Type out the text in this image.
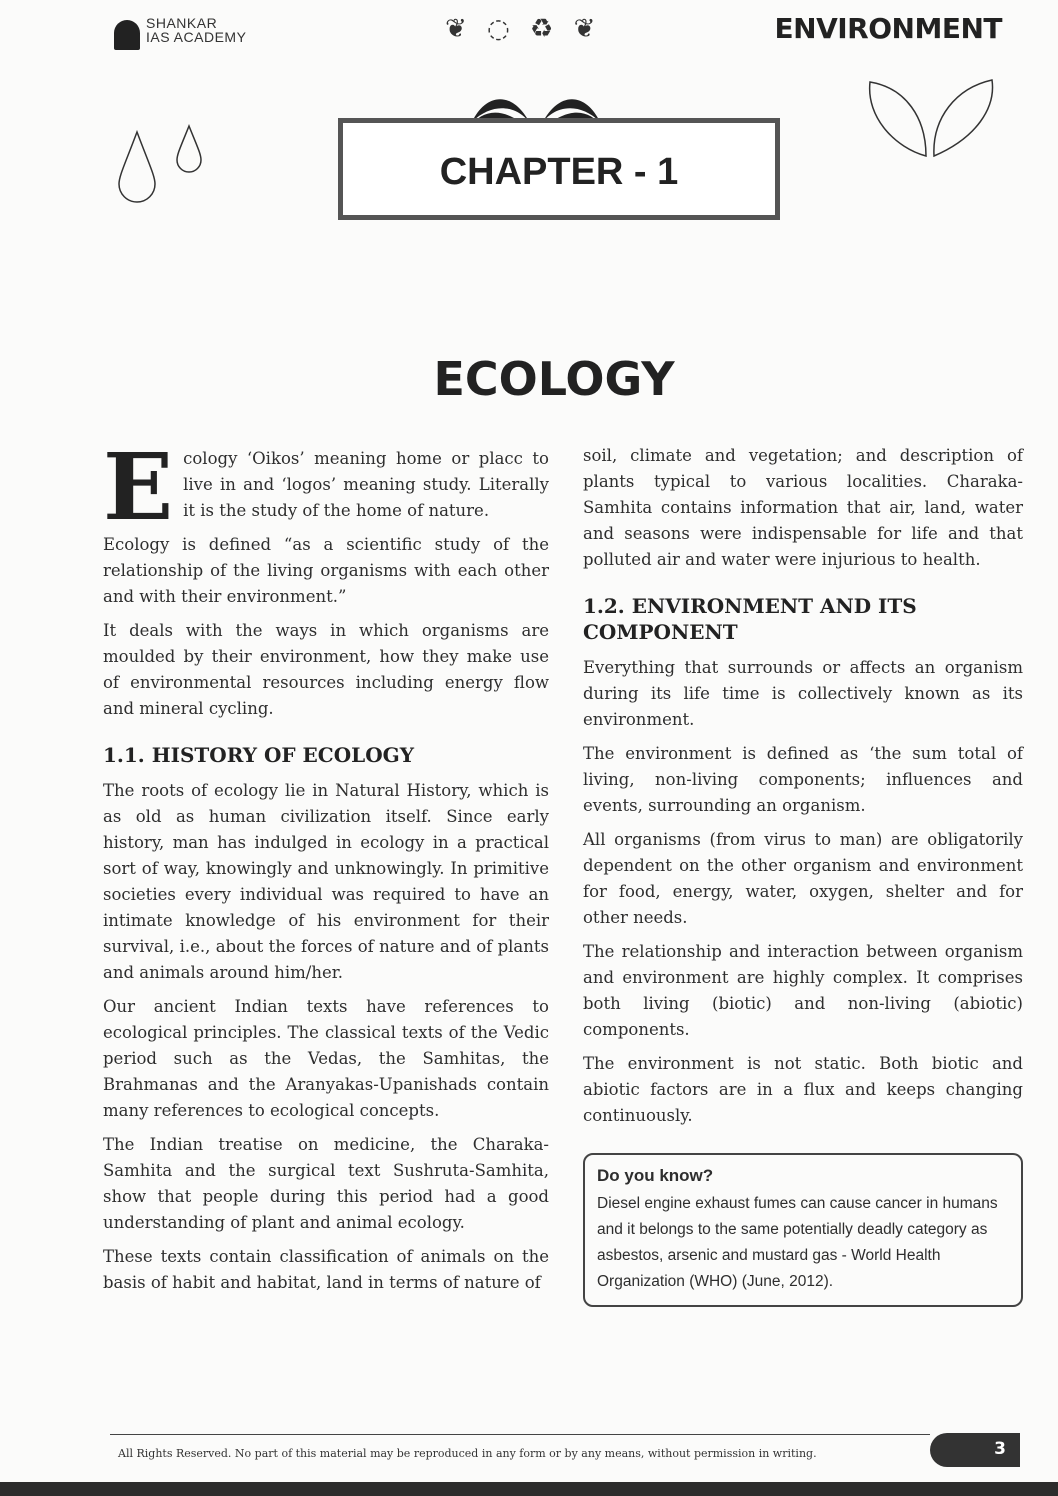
SHANKAR
IAS ACADEMY	❦ ◌ ♻ ❦	ENVIRONMENT
CHAPTER - 1
ECOLOGY

Ecology ‘Oikos’ meaning home or placc to live in and ‘logos’ meaning study. Literally it is the study of the home of nature.

Ecology is defined “as a scientific study of the relationship of the living organisms with each other and with their environment.”

It deals with the ways in which organisms are moulded by their environment, how they make use of environmental resources including energy flow and mineral cycling.

1.1. HISTORY OF ECOLOGY

The roots of ecology lie in Natural History, which is as old as human civilization itself. Since early history, man has indulged in ecology in a practical sort of way, knowingly and unknowingly. In primitive societies every individual was required to have an intimate knowledge of his environment for their survival, i.e., about the forces of nature and of plants and animals around him/her.

Our ancient Indian texts have references to ecological principles. The classical texts of the Vedic period such as the Vedas, the Samhitas, the Brahmanas and the Aranyakas-Upanishads contain many references to ecological concepts.

The Indian treatise on medicine, the Charaka-Samhita and the surgical text Sushruta-Samhita, show that people during this period had a good understanding of plant and animal ecology.

These texts contain classification of animals on the basis of habit and habitat, land in terms of nature of

soil, climate and vegetation; and description of plants typical to various localities. Charaka- Samhita contains information that air, land, water and seasons were indispensable for life and that polluted air and water were injurious to health.

1.2. ENVIRONMENT AND ITS COMPONENT

Everything that surrounds or affects an organism during its life time is collectively known as its environment.

The environment is defined as ‘the sum total of living, non-living components; influences and events, surrounding an organism.

All organisms (from virus to man) are obligatorily dependent on the other organism and environment for food, energy, water, oxygen, shelter and for other needs.

The relationship and interaction between organism and environment are highly complex. It comprises both living (biotic) and non-living (abiotic) components.

The environment is not static. Both biotic and abiotic factors are in a flux and keeps changing continuously.

Do you know?
Diesel engine exhaust fumes can cause cancer in humans and it belongs to the same potentially deadly category as asbestos, arsenic and mustard gas - World Health Organization (WHO) (June, 2012).
All Rights Reserved. No part of this material may be reproduced in any form or by any means, without permission in writing.	3
